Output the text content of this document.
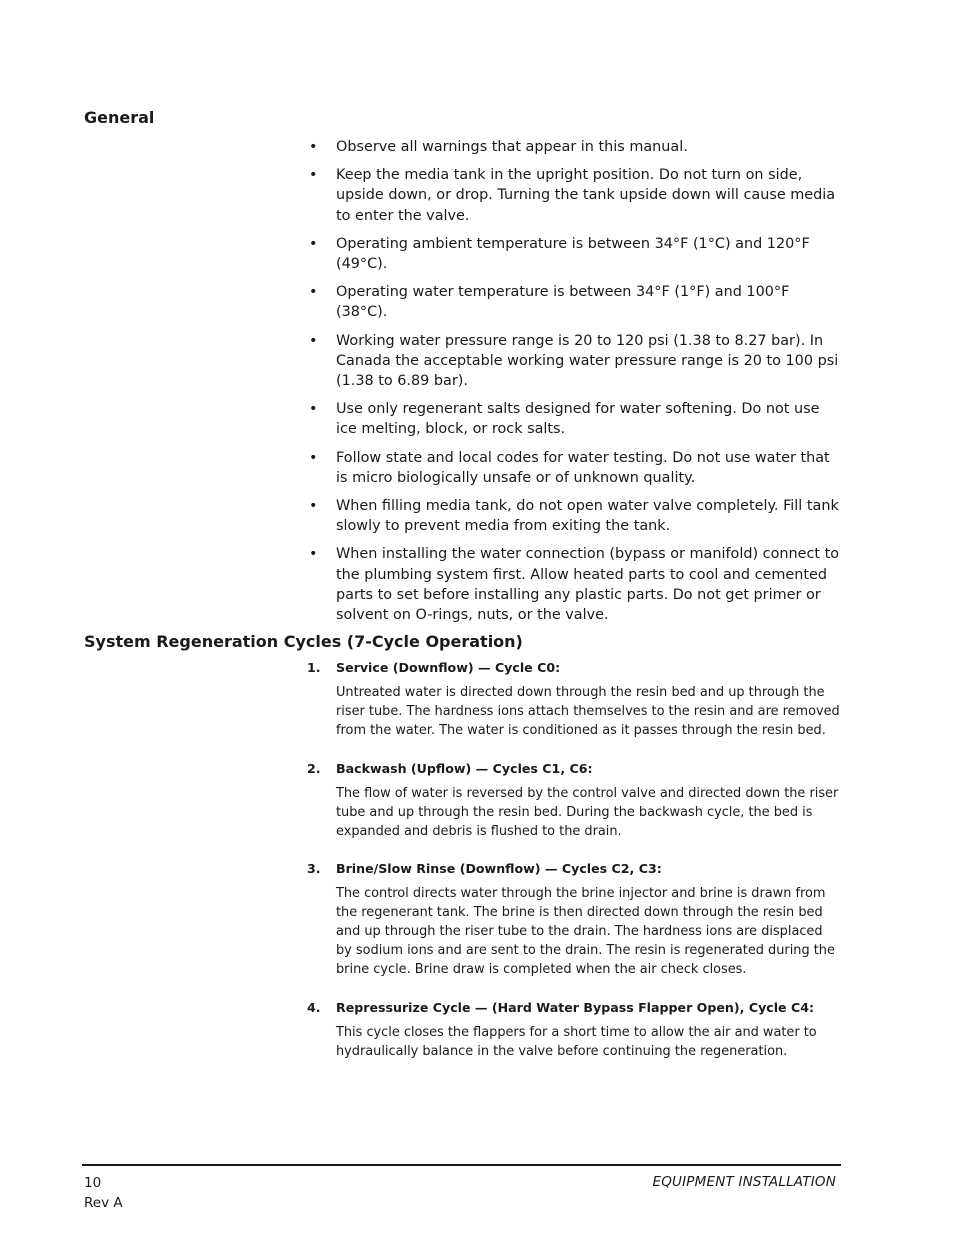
General
• Observe all warnings that appear in this manual.
• Keep the media tank in the upright position. Do not turn on side, upside down, or drop. Turning the tank upside down will cause media to enter the valve.
• Operating ambient temperature is between 34°F (1°C) and 120°F (49°C).
• Operating water temperature is between 34°F (1°F) and 100°F (38°C).
• Working water pressure range is 20 to 120 psi (1.38 to 8.27 bar). In Canada the acceptable working water pressure range is 20 to 100 psi (1.38 to 6.89 bar).
• Use only regenerant salts designed for water softening. Do not use ice melting, block, or rock salts.
• Follow state and local codes for water testing. Do not use water that is micro biologically unsafe or of unknown quality.
• When filling media tank, do not open water valve completely. Fill tank slowly to prevent media from exiting the tank.
• When installing the water connection (bypass or manifold) connect to the plumbing system first. Allow heated parts to cool and cemented parts to set before installing any plastic parts. Do not get primer or solvent on O-rings, nuts, or the valve.
System Regeneration Cycles (7-Cycle Operation)
1. Service (Downflow) — Cycle C0:

Untreated water is directed down through the resin bed and up through the riser tube. The hardness ions attach themselves to the resin and are removed from the water. The water is conditioned as it passes through the resin bed.

2. Backwash (Upflow) — Cycles C1, C6:

The flow of water is reversed by the control valve and directed down the riser tube and up through the resin bed. During the backwash cycle, the bed is expanded and debris is flushed to the drain.

3. Brine/Slow Rinse (Downflow) — Cycles C2, C3:

The control directs water through the brine injector and brine is drawn from the regenerant tank. The brine is then directed down through the resin bed and up through the riser tube to the drain. The hardness ions are displaced by sodium ions and are sent to the drain. The resin is regenerated during the brine cycle. Brine draw is completed when the air check closes.

4. Repressurize Cycle — (Hard Water Bypass Flapper Open), Cycle C4:

This cycle closes the flappers for a short time to allow the air and water to hydraulically balance in the valve before continuing the regeneration.

10
Rev A
EQUIPMENT INSTALLATION
